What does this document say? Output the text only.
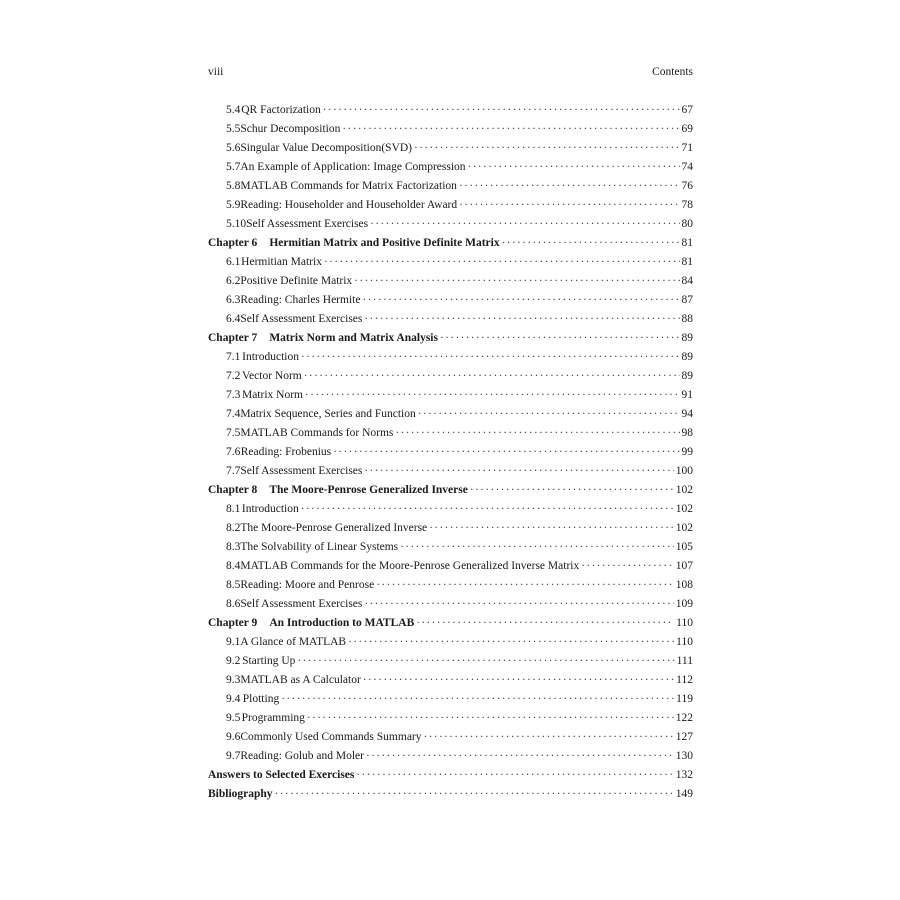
viii	Contents
5.4 QR Factorization ·····	67
5.5 Schur Decomposition ·····	69
5.6 Singular Value Decomposition(SVD) ·····	71
5.7 An Example of Application: Image Compression ·····	74
5.8 MATLAB Commands for Matrix Factorization ·····	76
5.9 Reading: Householder and Householder Award ·····	78
5.10 Self Assessment Exercises ·····	80
Chapter 6 Hermitian Matrix and Positive Definite Matrix ·····	81
6.1 Hermitian Matrix ·····	81
6.2 Positive Definite Matrix ·····	84
6.3 Reading: Charles Hermite ·····	87
6.4 Self Assessment Exercises ·····	88
Chapter 7 Matrix Norm and Matrix Analysis ·····	89
7.1 Introduction ·····	89
7.2 Vector Norm ·····	89
7.3 Matrix Norm ·····	91
7.4 Matrix Sequence, Series and Function ·····	94
7.5 MATLAB Commands for Norms ·····	98
7.6 Reading: Frobenius ·····	99
7.7 Self Assessment Exercises ·····	100
Chapter 8 The Moore-Penrose Generalized Inverse ·····	102
8.1 Introduction ·····	102
8.2 The Moore-Penrose Generalized Inverse ·····	102
8.3 The Solvability of Linear Systems ·····	105
8.4 MATLAB Commands for the Moore-Penrose Generalized Inverse Matrix ·····	107
8.5 Reading: Moore and Penrose ·····	108
8.6 Self Assessment Exercises ·····	109
Chapter 9 An Introduction to MATLAB ·····	110
9.1 A Glance of MATLAB ·····	110
9.2 Starting Up ·····	111
9.3 MATLAB as A Calculator ·····	112
9.4 Plotting ·····	119
9.5 Programming ·····	122
9.6 Commonly Used Commands Summary ·····	127
9.7 Reading: Golub and Moler ·····	130
Answers to Selected Exercises ·····	132
Bibliography ·····	149
